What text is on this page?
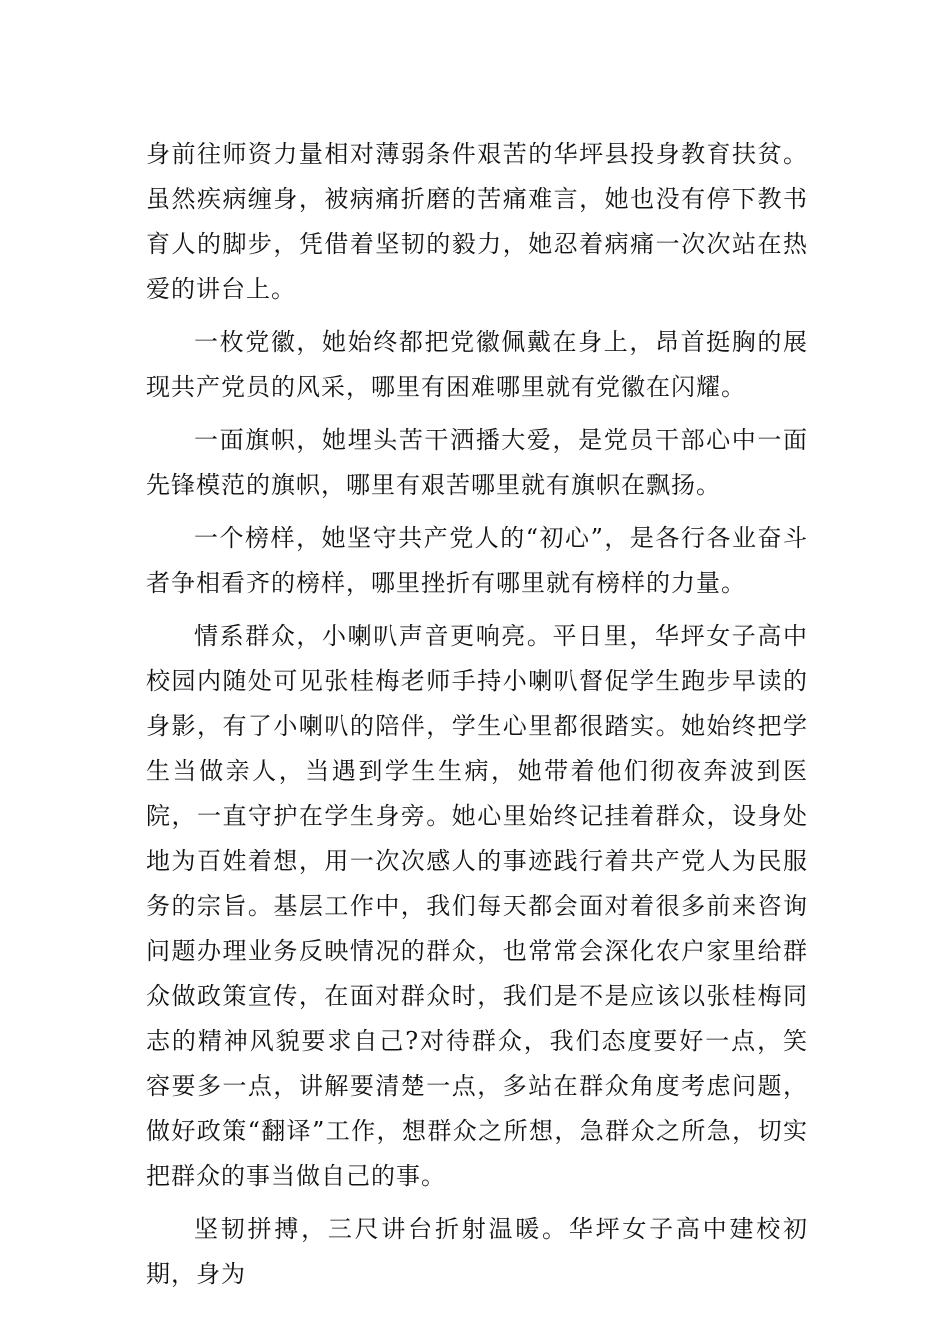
身前往师资力量相对薄弱条件艰苦的华坪县投身教育扶贫。虽然疾病缠身，被病痛折磨的苦痛难言，她也没有停下教书育人的脚步，凭借着坚韧的毅力，她忍着病痛一次次站在热爱的讲台上。

一枚党徽，她始终都把党徽佩戴在身上，昂首挺胸的展现共产党员的风采，哪里有困难哪里就有党徽在闪耀。

一面旗帜，她埋头苦干洒播大爱，是党员干部心中一面先锋模范的旗帜，哪里有艰苦哪里就有旗帜在飘扬。

一个榜样，她坚守共产党人的“初心”，是各行各业奋斗者争相看齐的榜样，哪里挫折有哪里就有榜样的力量。

情系群众，小喇叭声音更响亮。平日里，华坪女子高中校园内随处可见张桂梅老师手持小喇叭督促学生跑步早读的身影，有了小喇叭的陪伴，学生心里都很踏实。她始终把学生当做亲人，当遇到学生生病，她带着他们彻夜奔波到医院，一直守护在学生身旁。她心里始终记挂着群众，设身处地为百姓着想，用一次次感人的事迹践行着共产党人为民服务的宗旨。基层工作中，我们每天都会面对着很多前来咨询问题办理业务反映情况的群众，也常常会深化农户家里给群众做政策宣传，在面对群众时，我们是不是应该以张桂梅同志的精神风貌要求自己?对待群众，我们态度要好一点，笑容要多一点，讲解要清楚一点，多站在群众角度考虑问题，做好政策“翻译”工作，想群众之所想，急群众之所急，切实把群众的事当做自己的事。

坚韧拼搏，三尺讲台折射温暖。华坪女子高中建校初期，身为
